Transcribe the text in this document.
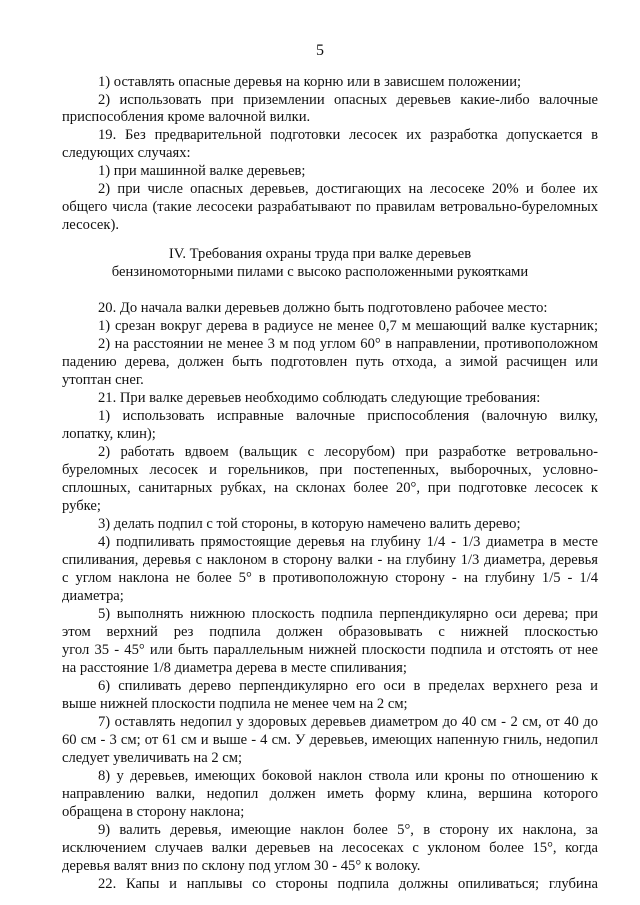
5
1) оставлять опасные деревья на корню или в зависшем положении;
2) использовать при приземлении опасных деревьев какие-либо валочные
приспособления кроме валочной вилки.
19. Без предварительной подготовки лесосек их разработка допускается в
следующих случаях:
1) при машинной валке деревьев;
2) при числе опасных деревьев, достигающих на лесосеке 20% и более их
общего числа (такие лесосеки разрабатывают по правилам ветровально-буреломных
лесосек).
IV. Требования охраны труда при валке деревьев
бензиномоторными пилами с высоко расположенными рукоятками
20. До начала валки деревьев должно быть подготовлено рабочее место:
1) срезан вокруг дерева в радиусе не менее 0,7 м мешающий валке кустарник;
2) на расстоянии не менее 3 м под углом 60° в направлении, противоположном
падению дерева, должен быть подготовлен путь отхода, а зимой расчищен или
утоптан снег.
21. При валке деревьев необходимо соблюдать следующие требования:
1) использовать исправные валочные приспособления (валочную вилку,
лопатку, клин);
2) работать вдвоем (вальщик с лесорубом) при разработке ветровально-
буреломных лесосек и горельников, при постепенных, выборочных, условно-
сплошных, санитарных рубках, на склонах более 20°, при подготовке лесосек к
рубке;
3) делать подпил с той стороны, в которую намечено валить дерево;
4) подпиливать прямостоящие деревья на глубину 1/4 - 1/3 диаметра в месте
спиливания, деревья с наклоном в сторону валки - на глубину 1/3 диаметра, деревья
с углом наклона не более 5° в противоположную сторону - на глубину 1/5 - 1/4
диаметра;
5) выполнять нижнюю плоскость подпила перпендикулярно оси дерева; при
этом верхний рез подпила должен образовывать с нижней плоскостью
угол 35 - 45° или быть параллельным нижней плоскости подпила и отстоять от нее
на расстояние 1/8 диаметра дерева в месте спиливания;
6) спиливать дерево перпендикулярно его оси в пределах верхнего реза и
выше нижней плоскости подпила не менее чем на 2 см;
7) оставлять недопил у здоровых деревьев диаметром до 40 см - 2 см, от 40 до
60 см - 3 см; от 61 см и выше - 4 см. У деревьев, имеющих напенную гниль, недопил
следует увеличивать на 2 см;
8) у деревьев, имеющих боковой наклон ствола или кроны по отношению к
направлению валки, недопил должен иметь форму клина, вершина которого
обращена в сторону наклона;
9) валить деревья, имеющие наклон более 5°, в сторону их наклона, за
исключением случаев валки деревьев на лесосеках с уклоном более 15°, когда
деревья валят вниз по склону под углом 30 - 45° к волоку.
22. Капы и наплывы со стороны подпила должны опиливаться; глубина
